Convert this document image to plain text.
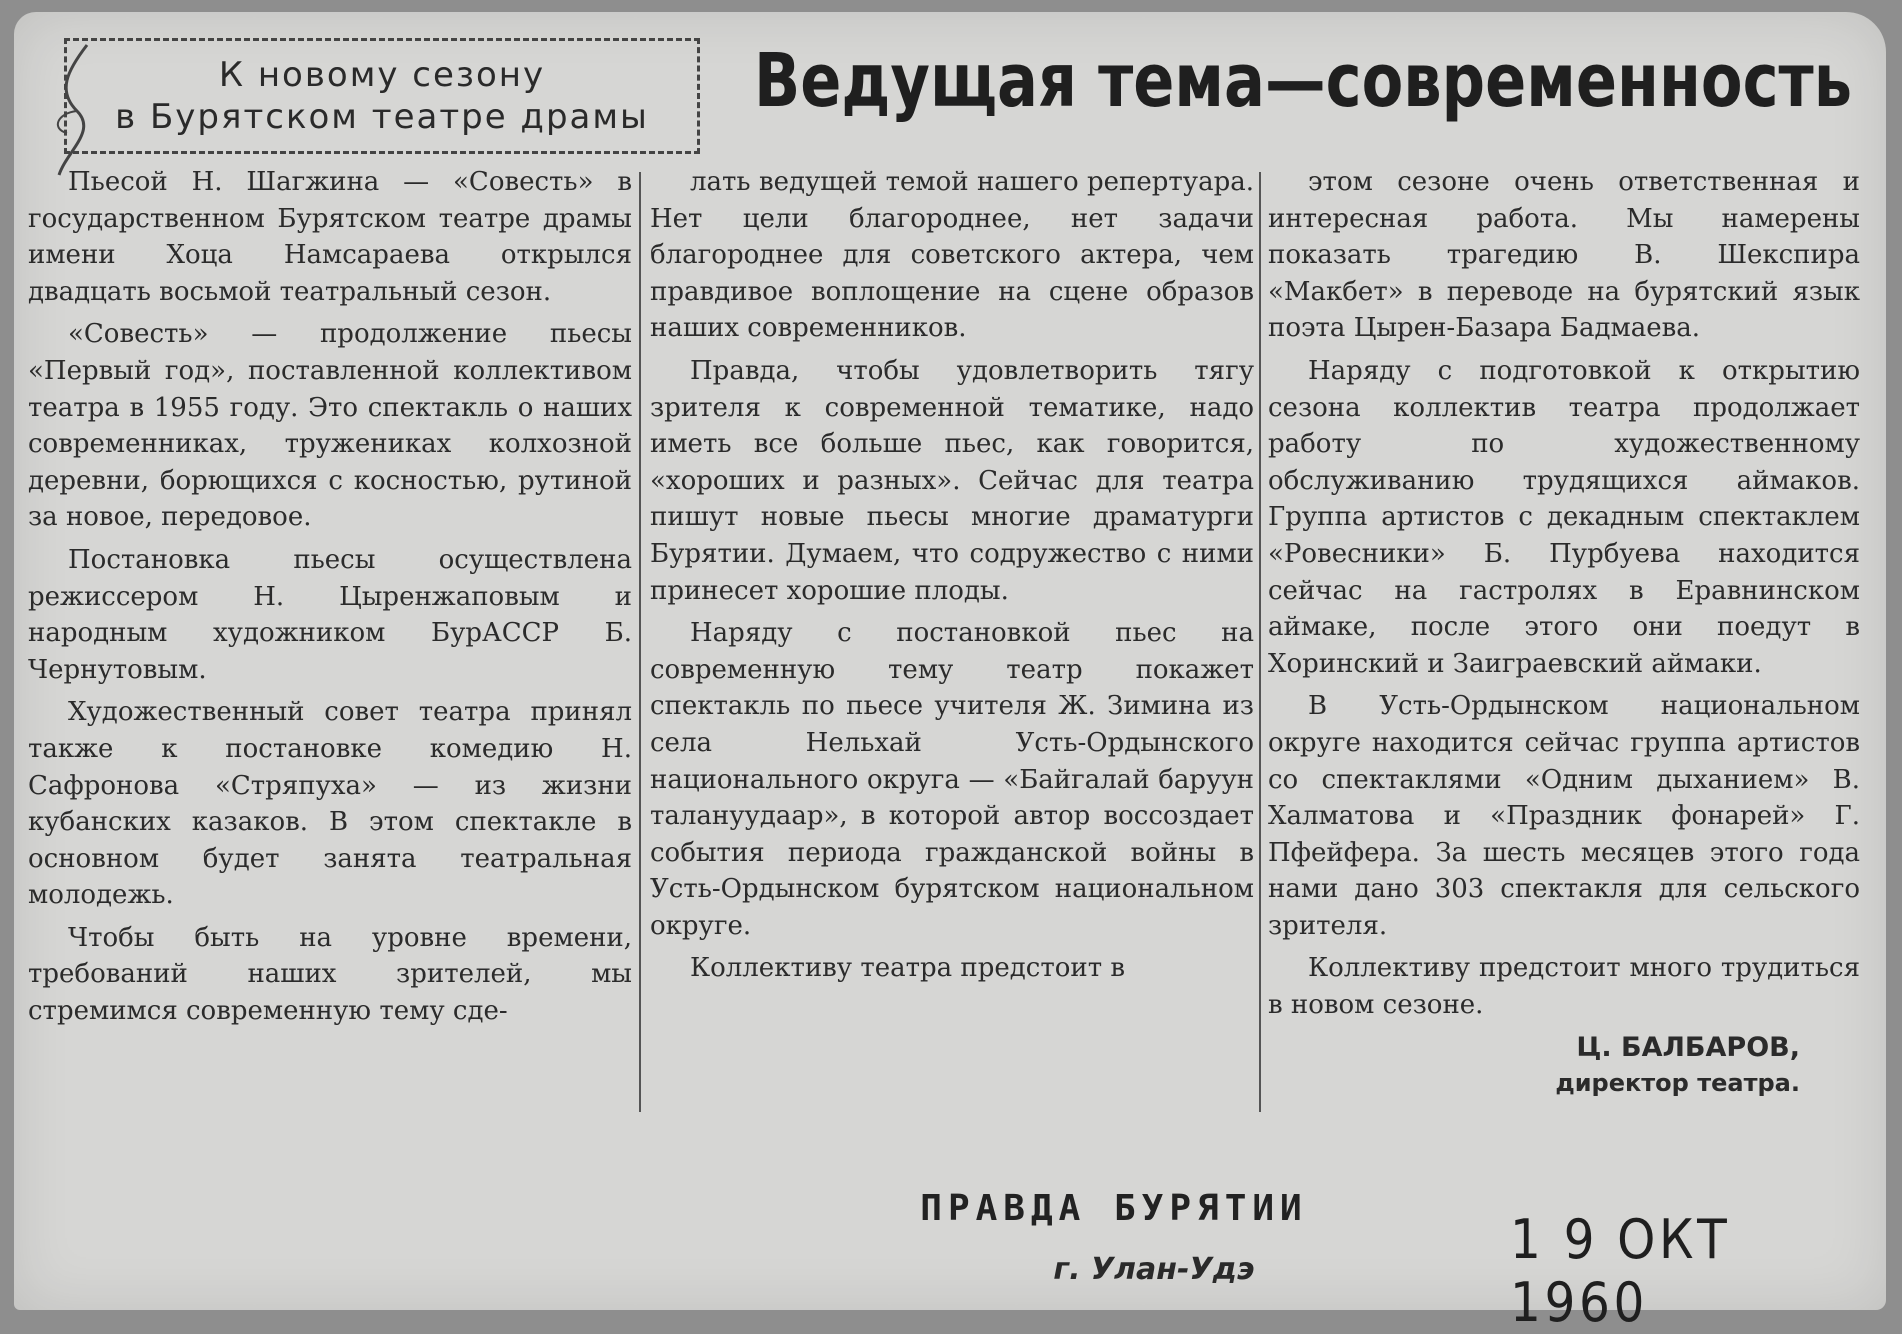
К новому сезону
в Бурятском театре драмы Ведущая тема—современность

Пьесой Н. Шагжина — «Совесть» в государственном Бурятском театре драмы имени Хоца Намсараева открылся двадцать восьмой театральный сезон.

«Совесть» — продолжение пьесы «Первый год», поставленной коллективом театра в 1955 году. Это спектакль о наших современниках, тружениках колхозной деревни, борющихся с косностью, рутиной за новое, передовое.

Постановка пьесы осуществлена режиссером Н. Цыренжаповым и народным художником БурАССР Б. Чернутовым.

Художественный совет театра принял также к постановке комедию Н. Сафронова «Стряпуха» — из жизни кубанских казаков. В этом спектакле в основном будет занята театральная молодежь.

Чтобы быть на уровне времени, требований наших зрителей, мы стремимся современную тему сде-

лать ведущей темой нашего репертуара. Нет цели благороднее, нет задачи благороднее для советского актера, чем правдивое воплощение на сцене образов наших современников.

Правда, чтобы удовлетворить тягу зрителя к современной тематике, надо иметь все больше пьес, как говорится, «хороших и разных». Сейчас для театра пишут новые пьесы многие драматурги Бурятии. Думаем, что содружество с ними принесет хорошие плоды.

Наряду с постановкой пьес на современную тему театр покажет спектакль по пьесе учителя Ж. Зимина из села Нельхай Усть-Ордынского национального округа — «Байгалай баруун талануудаар», в которой автор воссоздает события периода гражданской войны в Усть-Ордынском бурятском национальном округе.

Коллективу театра предстоит в

этом сезоне очень ответственная и интересная работа. Мы намерены показать трагедию В. Шекспира «Макбет» в переводе на бурятский язык поэта Цырен-Базара Бадмаева.

Наряду с подготовкой к открытию сезона коллектив театра продолжает работу по художественному обслуживанию трудящихся аймаков. Группа артистов с декадным спектаклем «Ровесники» Б. Пурбуева находится сейчас на гастролях в Еравнинском аймаке, после этого они поедут в Хоринский и Заиграевский аймаки.

В Усть-Ордынском национальном округе находится сейчас группа артистов со спектаклями «Одним дыханием» В. Халматова и «Праздник фонарей» Г. Пфейфера. За шесть месяцев этого года нами дано 303 спектакля для сельского зрителя.

Коллективу предстоит много трудиться в новом сезоне.

Ц. БАЛБАРОВ,
директор театра.
ПРАВДА БУРЯТИИ
г. Улан-Удэ	1 9 ОКТ 1960
